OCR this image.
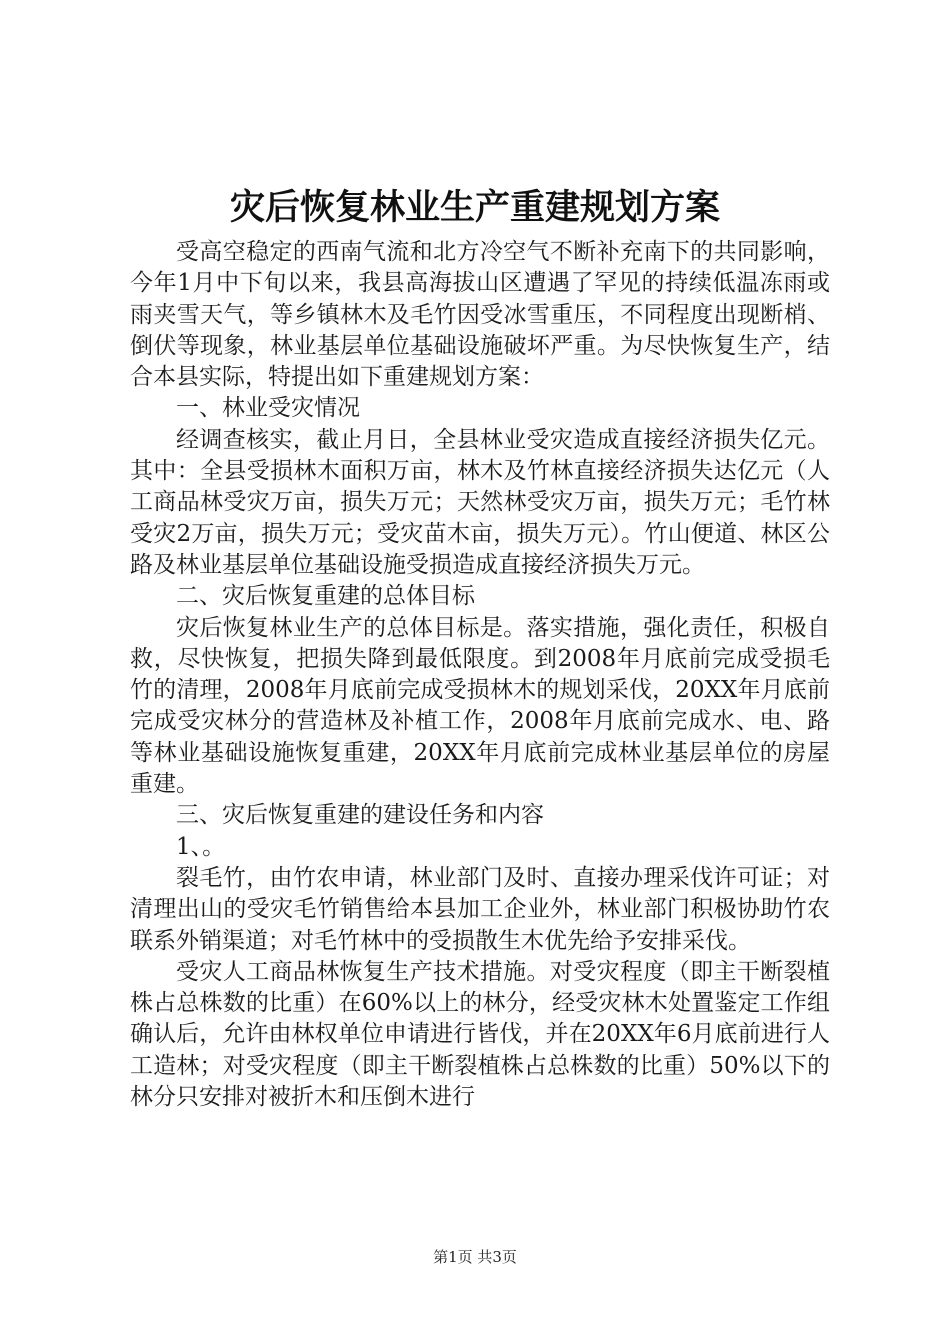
灾后恢复林业生产重建规划方案

受高空稳定的西南气流和北方冷空气不断补充南下的共同影响，今年1月中下旬以来，我县高海拔山区遭遇了罕见的持续低温冻雨或雨夹雪天气，等乡镇林木及毛竹因受冰雪重压，不同程度出现断梢、倒伏等现象，林业基层单位基础设施破坏严重。为尽快恢复生产，结合本县实际，特提出如下重建规划方案：

一、林业受灾情况

经调查核实，截止月日，全县林业受灾造成直接经济损失亿元。其中：全县受损林木面积万亩，林木及竹林直接经济损失达亿元（人工商品林受灾万亩，损失万元；天然林受灾万亩，损失万元；毛竹林受灾2万亩，损失万元；受灾苗木亩，损失万元）。竹山便道、林区公路及林业基层单位基础设施受损造成直接经济损失万元。

二、灾后恢复重建的总体目标

灾后恢复林业生产的总体目标是。落实措施，强化责任，积极自救，尽快恢复，把损失降到最低限度。到2008年月底前完成受损毛竹的清理，2008年月底前完成受损林木的规划采伐，20XX年月底前完成受灾林分的营造林及补植工作，2008年月底前完成水、电、路等林业基础设施恢复重建，20XX年月底前完成林业基层单位的房屋重建。

三、灾后恢复重建的建设任务和内容

1、。

裂毛竹，由竹农申请，林业部门及时、直接办理采伐许可证；对清理出山的受灾毛竹销售给本县加工企业外，林业部门积极协助竹农联系外销渠道；对毛竹林中的受损散生木优先给予安排采伐。

受灾人工商品林恢复生产技术措施。对受灾程度（即主干断裂植株占总株数的比重）在60%以上的林分，经受灾林木处置鉴定工作组确认后，允许由林权单位申请进行皆伐，并在20XX年6月底前进行人工造林；对受灾程度（即主干断裂植株占总株数的比重）50%以下的林分只安排对被折木和压倒木进行

第1页 共3页
